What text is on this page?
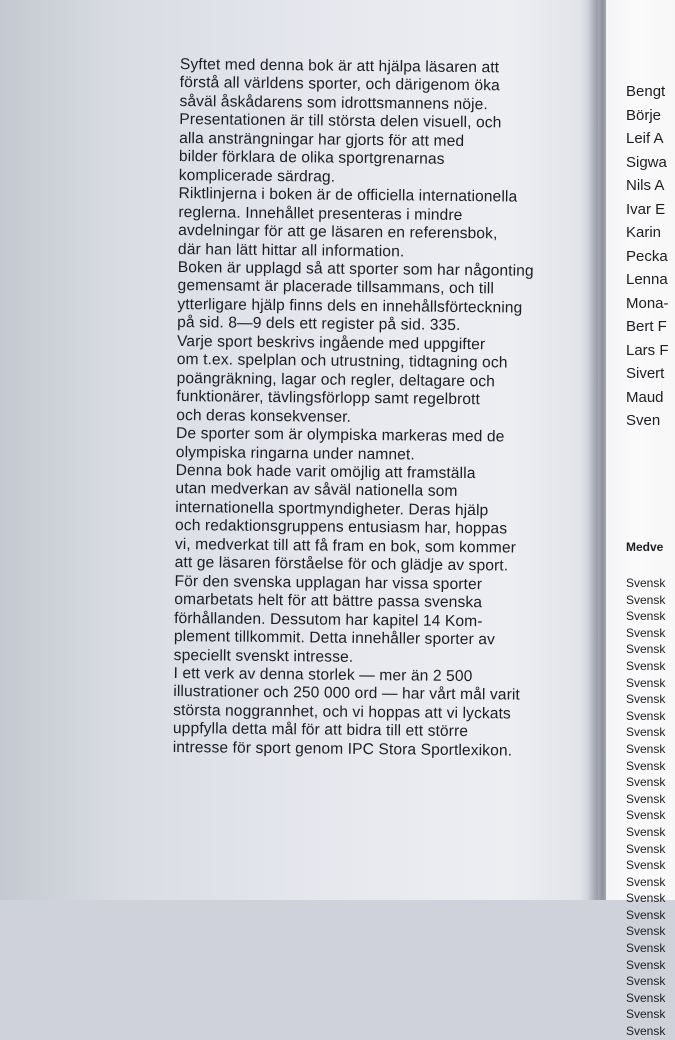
Syftet med denna bok är att hjälpa läsaren att
förstå all världens sporter, och därigenom öka
såväl åskådarens som idrottsmannens nöje.
Presentationen är till största delen visuell, och
alla ansträngningar har gjorts för att med
bilder förklara de olika sportgrenarnas
komplicerade särdrag.
Riktlinjerna i boken är de officiella internationella
reglerna. Innehållet presenteras i mindre
avdelningar för att ge läsaren en referensbok,
där han lätt hittar all information.
Boken är upplagd så att sporter som har någonting
gemensamt är placerade tillsammans, och till
ytterligare hjälp finns dels en innehållsförteckning
på sid. 8—9 dels ett register på sid. 335.
Varje sport beskrivs ingående med uppgifter
om t.ex. spelplan och utrustning, tidtagning och
poängräkning, lagar och regler, deltagare och
funktionärer, tävlingsförlopp samt regelbrott
och deras konsekvenser.
De sporter som är olympiska markeras med de
olympiska ringarna under namnet.
Denna bok hade varit omöjlig att framställa
utan medverkan av såväl nationella som
internationella sportmyndigheter. Deras hjälp
och redaktionsgruppens entusiasm har, hoppas
vi, medverkat till att få fram en bok, som kommer
att ge läsaren förståelse för och glädje av sport.
För den svenska upplagan har vissa sporter
omarbetats helt för att bättre passa svenska
förhållanden. Dessutom har kapitel 14 Kom-
plement tillkommit. Detta innehåller sporter av
speciellt svenskt intresse.
I ett verk av denna storlek — mer än 2 500
illustrationer och 250 000 ord — har vårt mål varit
största noggrannhet, och vi hoppas att vi lyckats
uppfylla detta mål för att bidra till ett större
intresse för sport genom IPC Stora Sportlexikon.
Bengt
Börje
Leif A
Sigwa
Nils A
Ivar E
Karin
Pecka
Lenna
Mona-
Bert F
Lars F
Sivert
Maud
Sven
Medve
Svensk
Svensk
Svensk
Svensk
Svensk
Svensk
Svensk
Svensk
Svensk
Svensk
Svensk
Svensk
Svensk
Svensk
Svensk
Svensk
Svensk
Svensk
Svensk
Svensk
Svensk
Svensk
Svensk
Svensk
Svensk
Svensk
Svensk
Svensk
